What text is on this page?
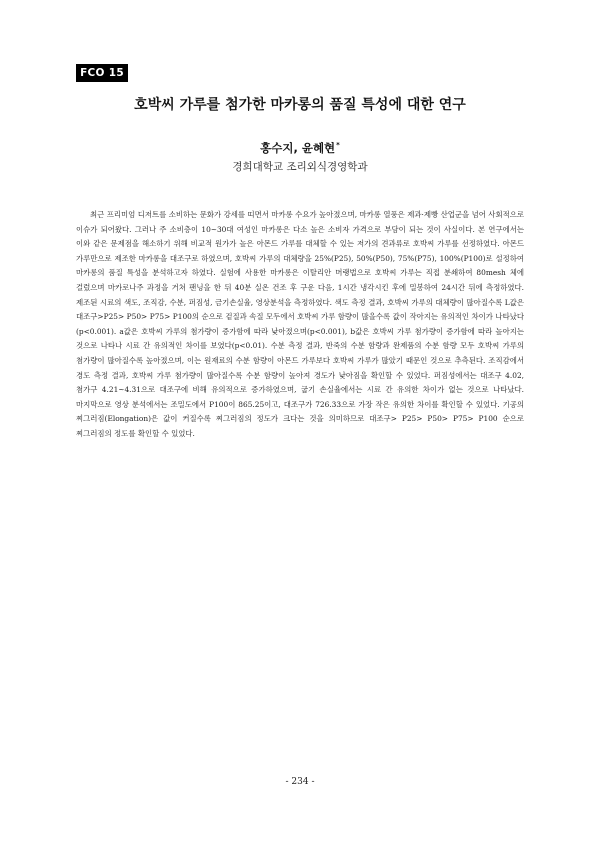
FCO 15
호박씨 가루를 첨가한 마카롱의 품질 특성에 대한 연구
홍수지, 윤혜현*
경희대학교 조리외식경영학과

최근 프리미엄 디저트를 소비하는 문화가 강세를 띠면서 마카롱 수요가 높아졌으며, 마카롱 열풍은 제과·제빵 산업군을 넘어 사회적으로 이슈가 되어왔다. 그러나 주 소비층이 10~30대 여성인 마카롱은 다소 높은 소비자 가격으로 부담이 되는 것이 사실이다. 본 연구에서는 이와 같은 문제점을 해소하기 위해 비교적 원가가 높은 아몬드 가루를 대체할 수 있는 저가의 견과류로 호박씨 가루를 선정하였다. 아몬드 가루만으로 제조한 마카롱을 대조구로 하였으며, 호박씨 가루의 대체량을 25%(P25), 50%(P50), 75%(P75), 100%(P100)로 설정하여 마카롱의 품질 특성을 분석하고자 하였다. 실험에 사용한 마카롱은 이탈리안 머랭법으로 호박씨 가루는 직접 분쇄하여 80mesh 체에 걸렀으며 마카로나주 과정을 거쳐 팬닝을 한 뒤 40분 실온 건조 후 구운 다음, 1시간 냉각시킨 후에 밀봉하여 24시간 뒤에 측정하였다. 제조된 시료의 색도, 조직감, 수분, 퍼짐성, 금기손실율, 영상분석을 측정하였다. 색도 측정 결과, 호박씨 가루의 대체량이 많아질수록 L값은 대조구>P25> P50> P75> P100의 순으로 겉질과 속질 모두에서 호박씨 가루 함량이 많을수록 값이 작아지는 유의적인 차이가 나타났다(p<0.001). a값은 호박씨 가루의 첨가량이 증가함에 따라 낮아졌으며(p<0.001), b값은 호박씨 가루 첨가량이 증가함에 따라 높아지는 것으로 나타나 시료 간 유의적인 차이를 보였다(p<0.01). 수분 측정 결과, 반죽의 수분 함량과 완제품의 수분 함량 모두 호박씨 가루의 첨가량이 많아질수록 높아졌으며, 이는 원재료의 수분 함량이 아몬드 가루보다 호박씨 가루가 많았기 때문인 것으로 추측된다. 조직감에서 경도 측정 결과, 호박씨 가루 첨가량이 많아질수록 수분 함량이 높아져 경도가 낮아짐을 확인할 수 있었다. 퍼짐성에서는 대조구 4.02, 첨가구 4.21~4.31으로 대조구에 비해 유의적으로 증가하였으며, 굽기 손실율에서는 시료 간 유의한 차이가 없는 것으로 나타났다. 마지막으로 영상 분석에서는 조밀도에서 P100이 865.25이고, 대조구가 726.33으로 가장 작은 유의한 차이를 확인할 수 있었다. 기공의 찌그러짐(Elongation)은 값이 커질수록 찌그러짐의 정도가 크다는 것을 의미하므로 대조구> P25> P50> P75> P100 순으로 찌그러짐의 정도를 확인할 수 있었다.

- 234 -
